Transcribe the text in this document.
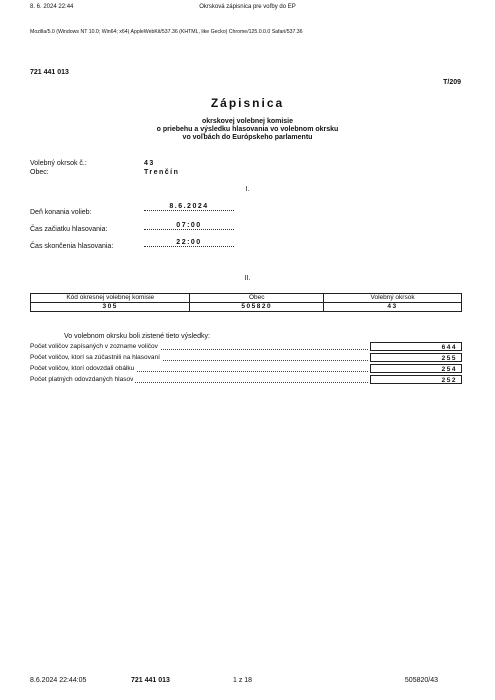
8. 6. 2024 22:44	Okrsková zápisnica pre voľby do EP
Mozilla/5.0 (Windows NT 10.0; Win64; x64) AppleWebKit/537.36 (KHTML, like Gecko) Chrome/125.0.0.0 Safari/537.36
721 441 013
T/209
Zápisnica
okrskovej volebnej komisie
o priebehu a výsledku hlasovania vo volebnom okrsku
vo voľbách do Európskeho parlamentu
Volebný okrsok č.:	43
Obec:	Trenčín
I.
Deň konania volieb:
8.6.2024
Čas začiatku hlasovania:
07:00
Čas skončenia hlasovania:
22:00
II.
Kód okresnej volebnej komisie	Obec	Volebný okrsok
305	505820	43
Vo volebnom okrsku boli zistené tieto výsledky:
Počet voličov zapísaných v zozname voličov	644
Počet voličov, ktorí sa zúčastnili na hlasovaní	255
Počet voličov, ktorí odovzdali obálku	254
Počet platných odovzdaných hlasov	252
8.6.2024 22:44:05	721 441 013	1 z 18	505820/43
